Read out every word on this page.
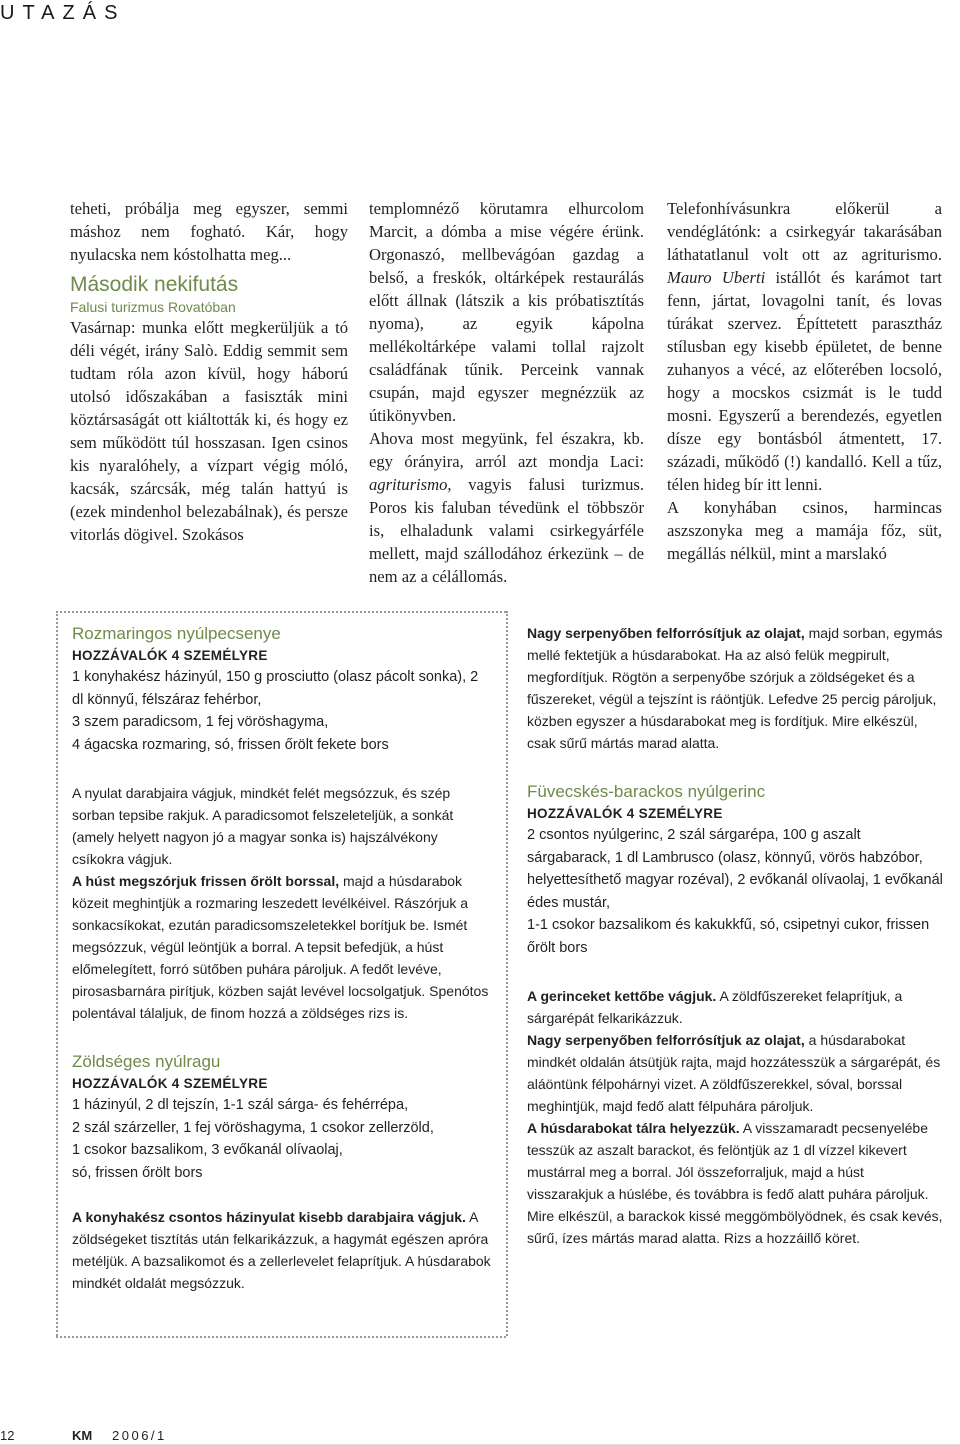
UTAZÁS

teheti, próbálja meg egyszer, semmi máshoz nem fogható. Kár, hogy nyulacska nem kóstolhatta meg...

Második nekifutás
Falusi turizmus Rovatóban

Vasárnap: munka előtt megkerüljük a tó déli végét, irány Salò. Eddig semmit sem tudtam róla azon kívül, hogy háború utolsó időszakában a fasiszták mini köztársaságát ott kiáltották ki, és hogy ez sem működött túl hosszasan. Igen csinos kis nyaralóhely, a vízpart végig móló, kacsák, szárcsák, még talán hattyú is (ezek mindenhol belezabálnak), és persze vitorlás dögivel. Szokásos

templomnéző körutamra elhurcolom Marcit, a dómba a mise végére érünk. Orgonaszó, mellbevágóan gazdag a belső, a freskók, oltárképek restaurálás előtt állnak (látszik a kis próbatisztítás nyoma), az egyik kápolna mellékoltárképe valami tollal rajzolt családfának tűnik. Perceink vannak csupán, majd egyszer megnézzük az útikönyvben.

Ahova most megyünk, fel északra, kb. egy órányira, arról azt mondja Laci: agriturismo, vagyis falusi turizmus. Poros kis faluban tévedünk el többször is, elhaladunk valami csirkegyárféle mellett, majd szállodához érkezünk – de nem az a célállomás.

Telefonhívásunkra előkerül a vendéglátónk: a csirkegyár takarásában láthatatlanul volt ott az agriturismo. Mauro Uberti istállót és karámot tart fenn, jártat, lovagolni tanít, és lovas túrákat szervez. Építtetett parasztház stílusban egy kisebb épületet, de benne zuhanyos a vécé, az előterében locsoló, hogy a mocskos csizmát is le tudd mosni. Egyszerű a berendezés, egyetlen dísze egy bontásból átmentett, 17. századi, működő (!) kandalló. Kell a tűz, télen hideg bír itt lenni.

A konyhában csinos, harmincas aszszonyka meg a mamája főz, süt, megállás nélkül, mint a marslakó

Rozmaringos nyúlpecsenye
HOZZÁVALÓK 4 SZEMÉLYRE
1 konyhakész házinyúl, 150 g prosciutto (olasz pácolt sonka), 2 dl könnyű, félszáraz fehérbor,
3 szem paradicsom, 1 fej vöröshagyma,
4 ágacska rozmaring, só, frissen őrölt fekete bors

A nyulat darabjaira vágjuk, mindkét felét megsózzuk, és szép sorban tepsibe rakjuk. A paradicsomot felszeleteljük, a sonkát (amely helyett nagyon jó a magyar sonka is) hajszálvékony csíkokra vágjuk.

A húst megszórjuk frissen őrölt borssal, majd a húsdarabok közeit meghintjük a rozmaring leszedett levélkéivel. Rászórjuk a sonkacsíkokat, ezután paradicsomszeletekkel borítjuk be. Ismét megsózzuk, végül leöntjük a borral. A tepsit befedjük, a húst előmelegített, forró sütőben puhára pároljuk. A fedőt levéve, pirosasbarnára pirítjuk, közben saját levével locsolgatjuk. Spenótos polentával tálaljuk, de finom hozzá a zöldséges rizs is.

Zöldséges nyúlragu
HOZZÁVALÓK 4 SZEMÉLYRE
1 házinyúl, 2 dl tejszín, 1-1 szál sárga- és fehérrépa,
2 szál szárzeller, 1 fej vöröshagyma, 1 csokor zellerzöld,
1 csokor bazsalikom, 3 evőkanál olívaolaj,
só, frissen őrölt bors

A konyhakész csontos házinyulat kisebb darabjaira vágjuk. A zöldségeket tisztítás után felkarikázzuk, a hagymát egészen apróra metéljük. A bazsalikomot és a zellerlevelet felaprítjuk. A húsdarabok mindkét oldalát megsózzuk.

Nagy serpenyőben felforrósítjuk az olajat, majd sorban, egymás mellé fektetjük a húsdarabokat. Ha az alsó felük megpirult, megfordítjuk. Rögtön a serpenyőbe szórjuk a zöldségeket és a fűszereket, végül a tejszínt is ráöntjük. Lefedve 25 percig pároljuk, közben egyszer a húsdarabokat meg is fordítjuk. Mire elkészül, csak sűrű mártás marad alatta.

Füvecskés-barackos nyúlgerinc
HOZZÁVALÓK 4 SZEMÉLYRE
2 csontos nyúlgerinc, 2 szál sárgarépa, 100 g aszalt sárgabarack, 1 dl Lambrusco (olasz, könnyű, vörös habzóbor, helyettesíthető magyar rozéval), 2 evőkanál olívaolaj, 1 evőkanál édes mustár,
1-1 csokor bazsalikom és kakukkfű, só, csipetnyi cukor, frissen őrölt bors

A gerinceket kettőbe vágjuk. A zöldfűszereket felaprítjuk, a sárgarépát felkarikázzuk.

Nagy serpenyőben felforrósítjuk az olajat, a húsdarabokat mindkét oldalán átsütjük rajta, majd hozzátesszük a sárgarépát, és aláöntünk félpohárnyi vizet. A zöldfűszerekkel, sóval, borssal meghintjük, majd fedő alatt félpuhára pároljuk.

A húsdarabokat tálra helyezzük. A visszamaradt pecsenyelébe tesszük az aszalt barackot, és felöntjük az 1 dl vízzel kikevert mustárral meg a borral. Jól összeforraljuk, majd a húst visszarakjuk a húslébe, és továbbra is fedő alatt puhára pároljuk. Mire elkészül, a barackok kissé meggömbölyödnek, és csak kevés, sűrű, ízes mártás marad alatta. Rizs a hozzáillő köret.

12	KM 2006/1
